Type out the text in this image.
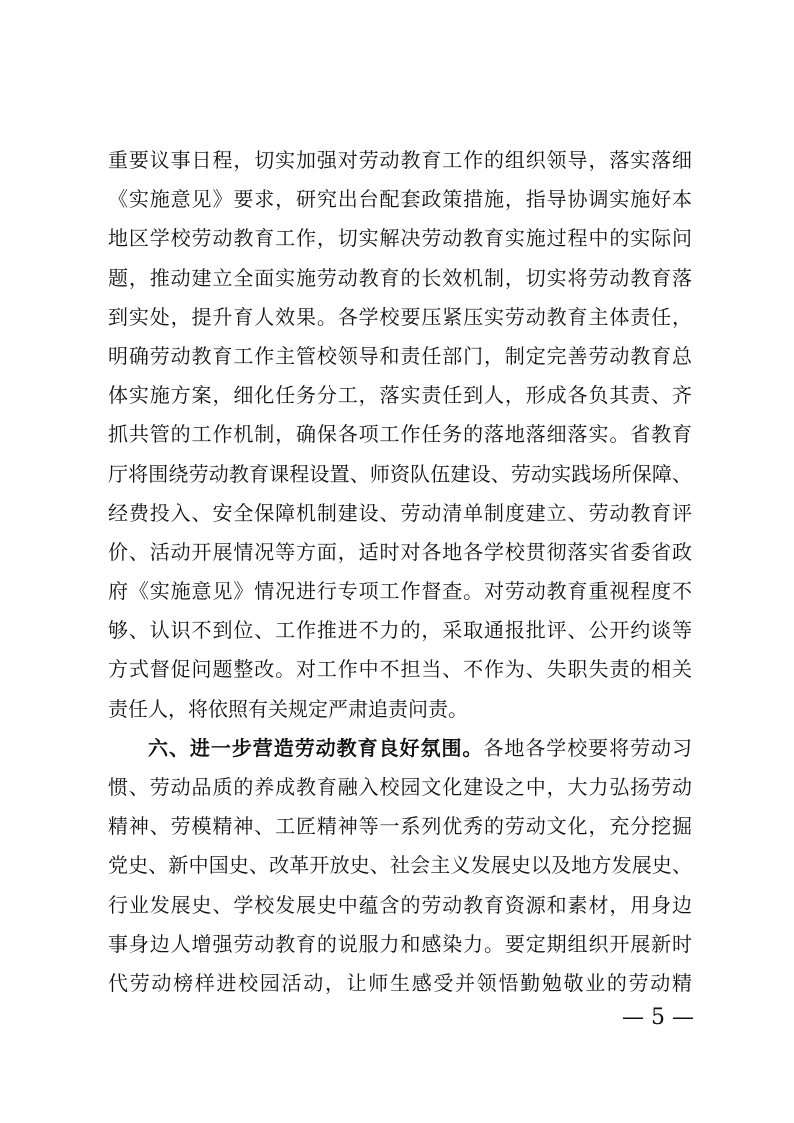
重要议事日程，切实加强对劳动教育工作的组织领导，落实落细
《实施意见》要求，研究出台配套政策措施，指导协调实施好本
地区学校劳动教育工作，切实解决劳动教育实施过程中的实际问
题，推动建立全面实施劳动教育的长效机制，切实将劳动教育落
到实处，提升育人效果。各学校要压紧压实劳动教育主体责任，
明确劳动教育工作主管校领导和责任部门，制定完善劳动教育总
体实施方案，细化任务分工，落实责任到人，形成各负其责、齐
抓共管的工作机制，确保各项工作任务的落地落细落实。省教育
厅将围绕劳动教育课程设置、师资队伍建设、劳动实践场所保障、
经费投入、安全保障机制建设、劳动清单制度建立、劳动教育评
价、活动开展情况等方面，适时对各地各学校贯彻落实省委省政
府《实施意见》情况进行专项工作督查。对劳动教育重视程度不
够、认识不到位、工作推进不力的，采取通报批评、公开约谈等
方式督促问题整改。对工作中不担当、不作为、失职失责的相关
责任人，将依照有关规定严肃追责问责。
六、进一步营造劳动教育良好氛围。各地各学校要将劳动习
惯、劳动品质的养成教育融入校园文化建设之中，大力弘扬劳动
精神、劳模精神、工匠精神等一系列优秀的劳动文化，充分挖掘
党史、新中国史、改革开放史、社会主义发展史以及地方发展史、
行业发展史、学校发展史中蕴含的劳动教育资源和素材，用身边
事身边人增强劳动教育的说服力和感染力。要定期组织开展新时
代劳动榜样进校园活动，让师生感受并领悟勤勉敬业的劳动精
— 5 —
